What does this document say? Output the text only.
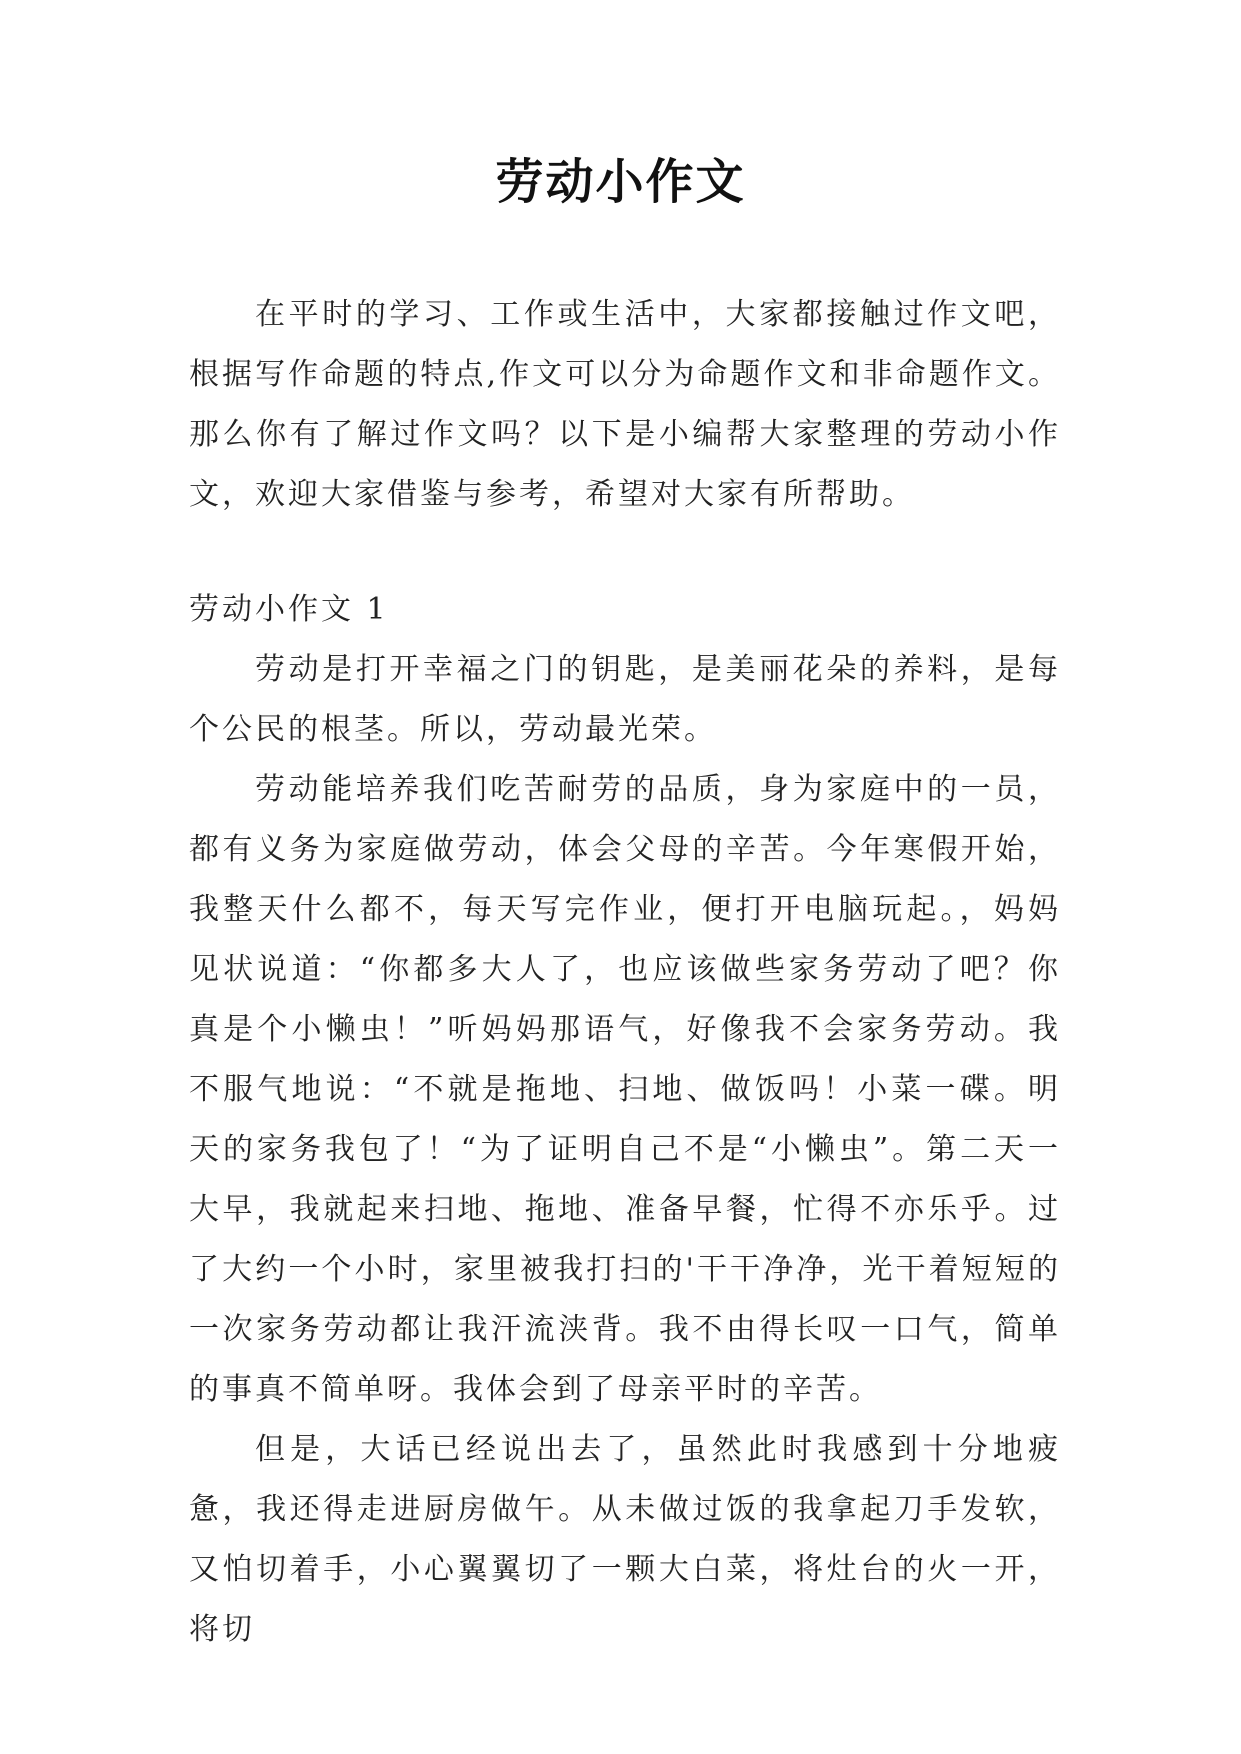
劳动小作文

在平时的学习、工作或生活中，大家都接触过作文吧，根据写作命题的特点,作文可以分为命题作文和非命题作文。那么你有了解过作文吗？以下是小编帮大家整理的劳动小作文，欢迎大家借鉴与参考，希望对大家有所帮助。

劳动小作文 1

劳动是打开幸福之门的钥匙，是美丽花朵的养料，是每个公民的根茎。所以，劳动最光荣。

劳动能培养我们吃苦耐劳的品质，身为家庭中的一员，都有义务为家庭做劳动，体会父母的辛苦。今年寒假开始，我整天什么都不，每天写完作业，便打开电脑玩起。，妈妈见状说道：“你都多大人了，也应该做些家务劳动了吧？你真是个小懒虫！”听妈妈那语气，好像我不会家务劳动。我不服气地说：“不就是拖地、扫地、做饭吗！小菜一碟。明天的家务我包了！“为了证明自己不是“小懒虫”。第二天一大早，我就起来扫地、拖地、准备早餐，忙得不亦乐乎。过了大约一个小时，家里被我打扫的'干干净净，光干着短短的一次家务劳动都让我汗流浃背。我不由得长叹一口气，简单的事真不简单呀。我体会到了母亲平时的辛苦。

但是，大话已经说出去了，虽然此时我感到十分地疲惫，我还得走进厨房做午。从未做过饭的我拿起刀手发软，又怕切着手，小心翼翼切了一颗大白菜，将灶台的火一开，将切
